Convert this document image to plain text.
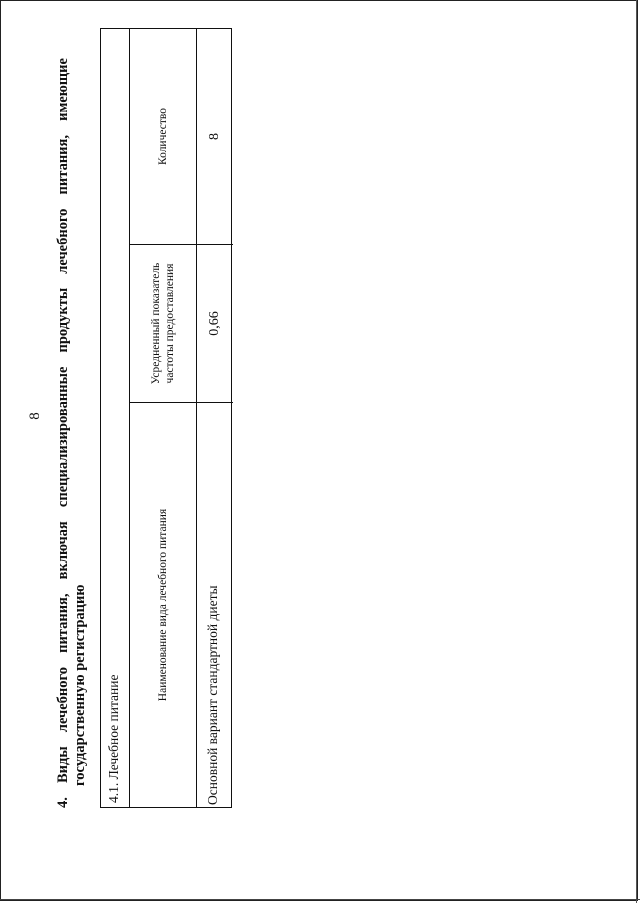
8
4.
Виды
лечебного
питания,
включая
специализированные
продукты
лечебного
питания,
имеющие
государственную регистрацию	4.1. Лечебное питание
Наименование вида лечебного питания
Усредненный показатель частоты предоставления
Количество
Основной вариант стандартной диеты
0,66
8
